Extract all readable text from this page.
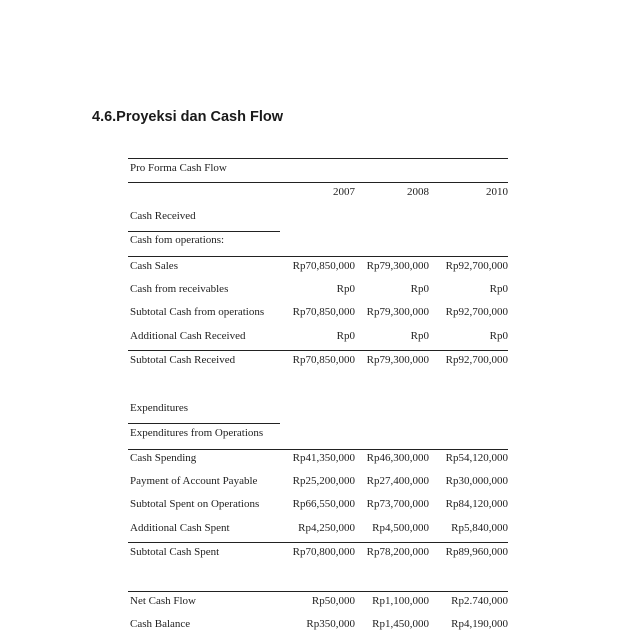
4.6.Proyeksi dan Cash Flow
Pro Forma Cash Flow
2007	2008	2010
Cash Received
Cash fom operations:
Cash Sales	Rp70,850,000 Rp79,300,000 Rp92,700,000
Cash from receivables	Rp0	Rp0	Rp0
Subtotal Cash from operations	Rp70,850,000 Rp79,300,000 Rp92,700,000
Additional Cash Received	Rp0	Rp0	Rp0
Subtotal Cash Received	Rp70,850,000 Rp79,300,000 Rp92,700,000
Expenditures
Expenditures from Operations
Cash Spending	Rp41,350,000 Rp46,300,000 Rp54,120,000
Payment of Account Payable	Rp25,200,000 Rp27,400,000 Rp30,000,000
Subtotal Spent on Operations	Rp66,550,000 Rp73,700,000 Rp84,120,000
Additional Cash Spent	Rp4,250,000 Rp4,500,000 Rp5,840,000
Subtotal Cash Spent	Rp70,800,000 Rp78,200,000 Rp89,960,000
Net Cash Flow	Rp50,000 Rp1,100,000 Rp2.740,000
Cash Balance	Rp350,000 Rp1,450,000 Rp4,190,000
